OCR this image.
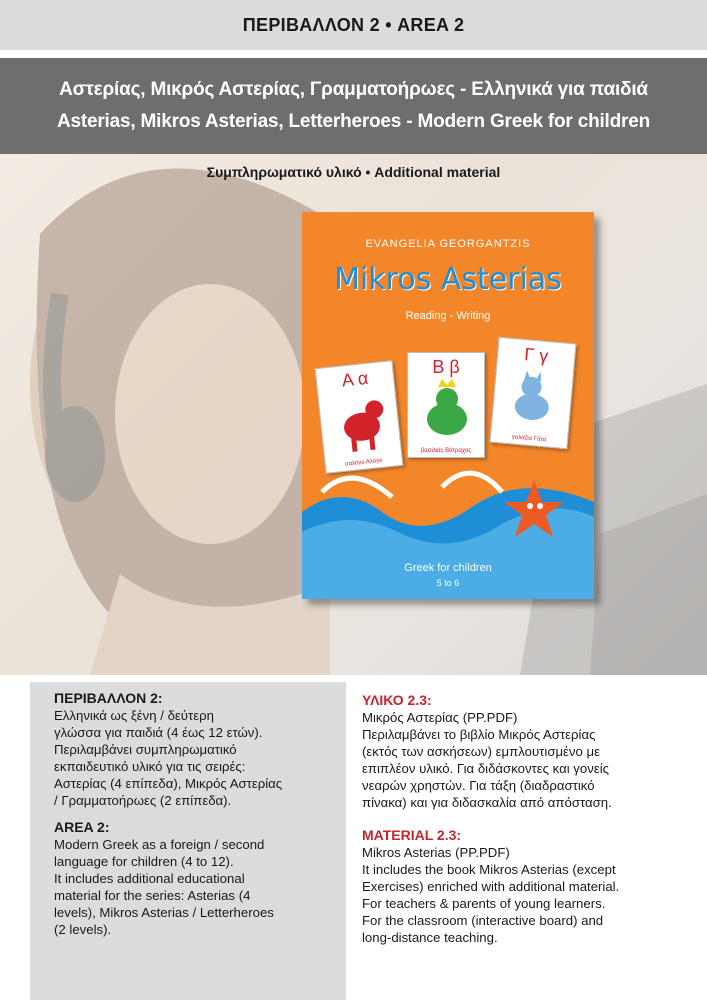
ΠΕΡΙΒΑΛΛΟΝ 2 • AREA 2
Αστερίας, Μικρός Αστερίας, Γραμματοήρωες - Ελληνικά για παιδιά
Asterias, Mikros Asterias, Letterheroes - Modern Greek for children
Συμπληρωματικό υλικό • Additional material
EVANGELIA GEORGANTZIS
Mikros Asterias
Reading - Writing
Α α
σαλόγο Άλογο
Β β
βασιλιάς Βάτραχος
Γ γ
γαλάζια Γάτα
Greek for children
5 to 6

ΠΕΡΙΒΑΛΛΟΝ 2:
Ελληνικά ως ξένη / δεύτερη
γλώσσα για παιδιά (4 έως 12 ετών).
Περιλαμβάνει συμπληρωματικό
εκπαιδευτικό υλικό για τις σειρές:
Αστερίας (4 επίπεδα), Μικρός Αστερίας
/ Γραμματοήρωες (2 επίπεδα).

AREA 2:
Modern Greek as a foreign / second
language for children (4 to 12).
It includes additional educational
material for the series: Asterias (4
levels), Mikros Asterias / Letterheroes
(2 levels).

ΥΛΙΚΟ 2.3:
Μικρός Αστερίας (PP.PDF)
Περιλαμβάνει το βιβλίο Μικρός Αστερίας
(εκτός των ασκήσεων) εμπλουτισμένο με
επιπλέον υλικό. Για διδάσκοντες και γονείς
νεαρών χρηστών. Για τάξη (διαδραστικό
πίνακα) και για διδασκαλία από απόσταση.

MATERIAL 2.3:
Mikros Asterias (PP.PDF)
It includes the book Mikros Asterias (except
Exercises) enriched with additional material.
For teachers & parents of young learners.
For the classroom (interactive board) and
long-distance teaching.
